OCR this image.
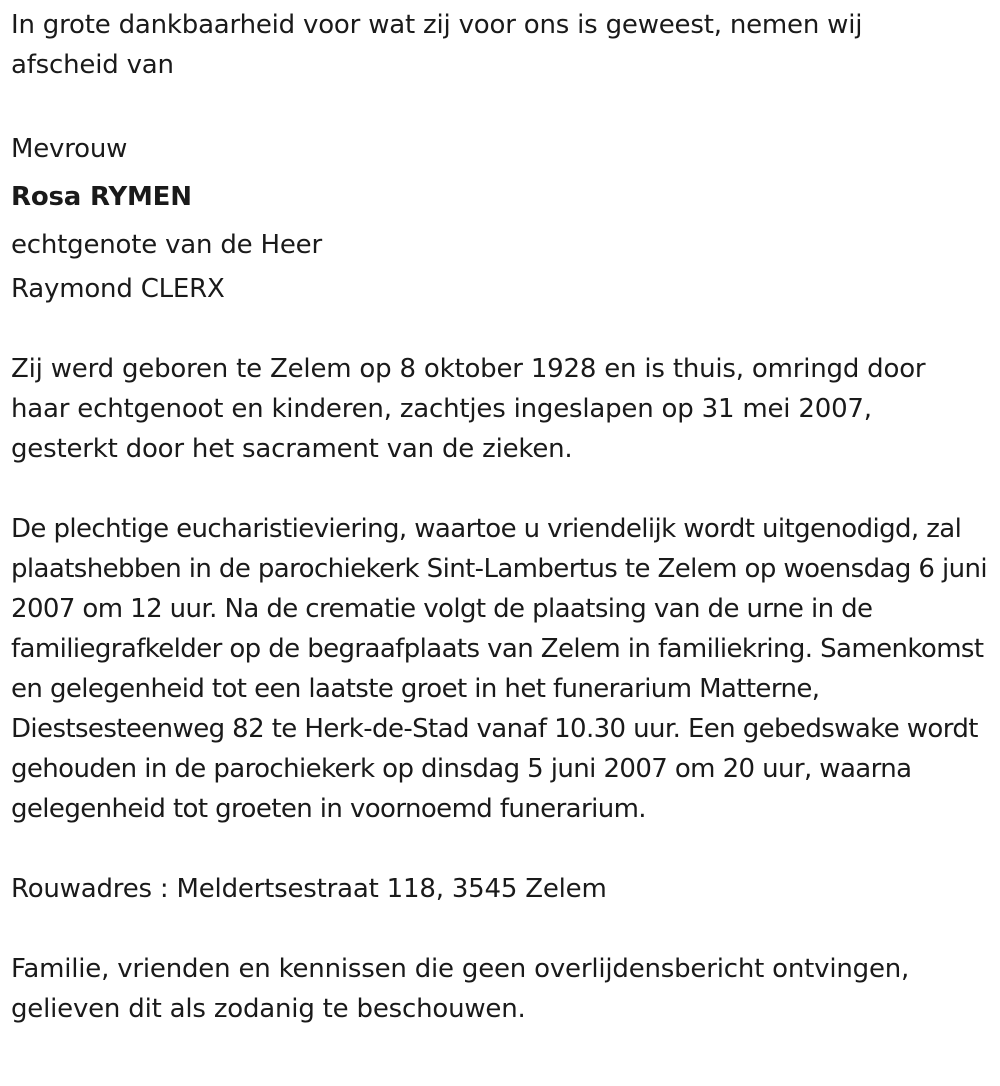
In grote dankbaarheid voor wat zij voor ons is geweest, nemen wij afscheid van

Mevrouw

Rosa RYMEN

echtgenote van de Heer

Raymond CLERX

Zij werd geboren te Zelem op 8 oktober 1928 en is thuis, omringd door haar echtgenoot en kinderen, zachtjes ingeslapen op 31 mei 2007, gesterkt door het sacrament van de zieken.

De plechtige eucharistieviering, waartoe u vriendelijk wordt uitgenodigd, zal plaatshebben in de parochiekerk Sint-Lambertus te Zelem op woensdag 6 juni 2007 om 12 uur. Na de crematie volgt de plaatsing van de urne in de familiegrafkelder op de begraafplaats van Zelem in familiekring. Samenkomst en gelegenheid tot een laatste groet in het funerarium Matterne, Diestsesteenweg 82 te Herk-de-Stad vanaf 10.30 uur. Een gebedswake wordt gehouden in de parochiekerk op dinsdag 5 juni 2007 om 20 uur, waarna gelegenheid tot groeten in voornoemd funerarium.

Rouwadres : Meldertsestraat 118, 3545 Zelem

Familie, vrienden en kennissen die geen overlijdensbericht ontvingen, gelieven dit als zodanig te beschouwen.
